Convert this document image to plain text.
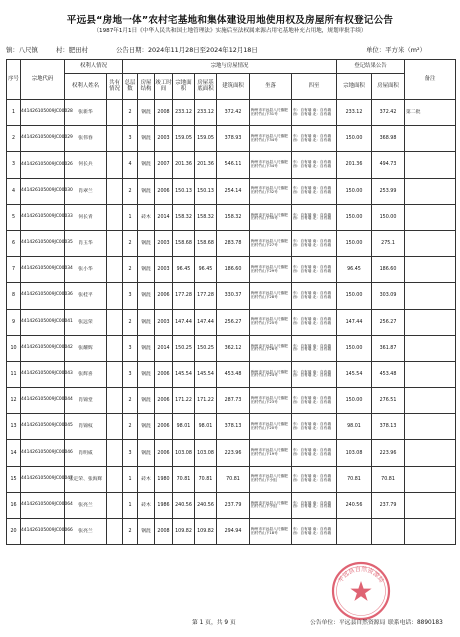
平远县“房地一体”农村宅基地和集体建设用地使用权及房屋所有权登记公告
（1987年1月1日《中华人民共和国土地管理法》实施后至法权属来源占用宅基地补充占用地，规划审批手续）
镇：八尺镇	村：肥田村	公告日期：2024年11月28日至2024年12月18日	单位：平方米（m²）
序号	宗地代码	权利人情况		宗地与房屋情况								登记结果公告		备注
		权利人姓名	共有情况	总层数	房屋结构	竣工时间	宗地面积	房屋基底面积	建筑面积	坐落	四至	宗地面积	房屋面积	
1	441426105009JC00028	张新华		2	钢混	2008	233.12	233.12	372.42	梅州市平远县八尺镇肥田村竹山下31号	东：自有墙 南：自有墙 西：自有墙 北：自有墙	233.12	372.42	第二批
2	441426105009JC00029	张伟春		3	钢混	2003	159.05	159.05	378.93	梅州市平远县八尺镇肥田村竹山下34号	东：自有墙 南：自有墙 西：自有墙 北：自有墙	150.00	368.98	
3	441426105009JC00026	何长兵		4	钢混	2007	201.36	201.36	546.11	梅州市平远县八尺镇肥田村竹山下34号	东：自有墙 南：自有墙 西：自有墙 北：自有墙	201.36	494.73	
4	441426105009JC00030	肖翠兰		2	钢混	2006	150.13	150.13	254.14	梅州市平远县八尺镇肥田村竹山下32号	东：自有墙 南：自有墙 西：自有墙 北：自有墙	150.00	253.99	
5	441426105009JC00033	何长青		1	砖木	2014	158.32	158.32	158.32	梅州市平远县八尺镇肥田村竹山下35号	东：自有墙 南：自有墙 西：自有墙 北：自有墙	150.00	150.00	
6	441426105009JC00035	肖玉华		2	钢混	2003	158.68	158.68	283.78	梅州市平远县八尺镇肥田村竹山下27号	东：自有墙 南：自有墙 西：自有墙 北：自有墙	150.00	275.1	
7	441426105009JC00034	张小华		2	钢混	2003	96.45	96.45	186.60	梅州市平远县八尺镇肥田村竹山下29号	东：自有墙 南：自有墙 西：自有墙 北：自有墙	96.45	186.60	
8	441426105009JC00036	张桂平		3	钢混	2006	177.28	177.28	330.37	梅州市平远县八尺镇肥田村竹山下28号	东：自有墙 南：自有墙 西：自有墙 北：自有墙	150.00	303.09	
9	441426105009JC00041	张远荣		2	钢混	2003	147.44	147.44	256.27	梅州市平远县八尺镇肥田村竹山下25号	东：自有墙 南：自有墙 西：自有墙 北：自有墙	147.44	256.27	
10	441426105009JC00042	张耀辉		3	钢混	2014	150.25	150.25	362.12	梅州市平远县八尺镇肥田村竹山下26号	东：自有墙 南：自有墙 西：自有墙 北：自有墙	150.00	361.87	
11	441426105009JC00043	张辉喜		3	钢混	2006	145.54	145.54	453.48	梅州市平远县八尺镇肥田村竹山下24号	东：自有墙 南：自有墙 西：自有墙 北：自有墙	145.54	453.48	
12	441426105009JC00044	肖锦堂		2	钢混	2006	171.22	171.22	287.73	梅州市平远县八尺镇肥田村竹山下23号	东：自有墙 南：自有墙 西：自有墙 北：自有墙	150.00	276.51	
13	441426105009JC00045	肖锦权		2	钢混	2006	98.01	98.01	378.13	梅州市平远县八尺镇肥田村竹山下20号	东：自有墙 南：自有墙 西：自有墙 北：自有墙	98.01	378.13	
14	441426105009JC00046	肖明威		3	钢混	2006	103.08	103.08	223.96	梅州市平远县八尺镇肥田村竹山下19号	东：自有墙 南：自有墙 西：自有墙 北：自有墙	103.08	223.96	
15	441426105009JC00047	张定荣、张海辉		1	砖木	1980	70.81	70.81	70.81	梅州市平远县八尺镇肥田村竹山下小组	东：自有墙 南：自有墙 西：自有墙 北：自有墙	70.81	70.81	
16	441426105009JC00064	张亮兰		1	砖木	1986	240.56	240.56	237.79	梅州市平远县八尺镇肥田村竹山下小组	东：自有墙 南：自有墙 西：自有墙 北：自有墙	240.56	237.79	
20	441426105009JC00066	张亮兰		2	钢混	2008	109.82	109.82	294.94	梅州市平远县八尺镇肥田村竹山下18号	东：自有墙 南：自有墙 西：自有墙 北：自有墙			
平远县自然资源局
第 1 页，共 9 页	公告单位：平远县自然资源局 联系电话：8890183
